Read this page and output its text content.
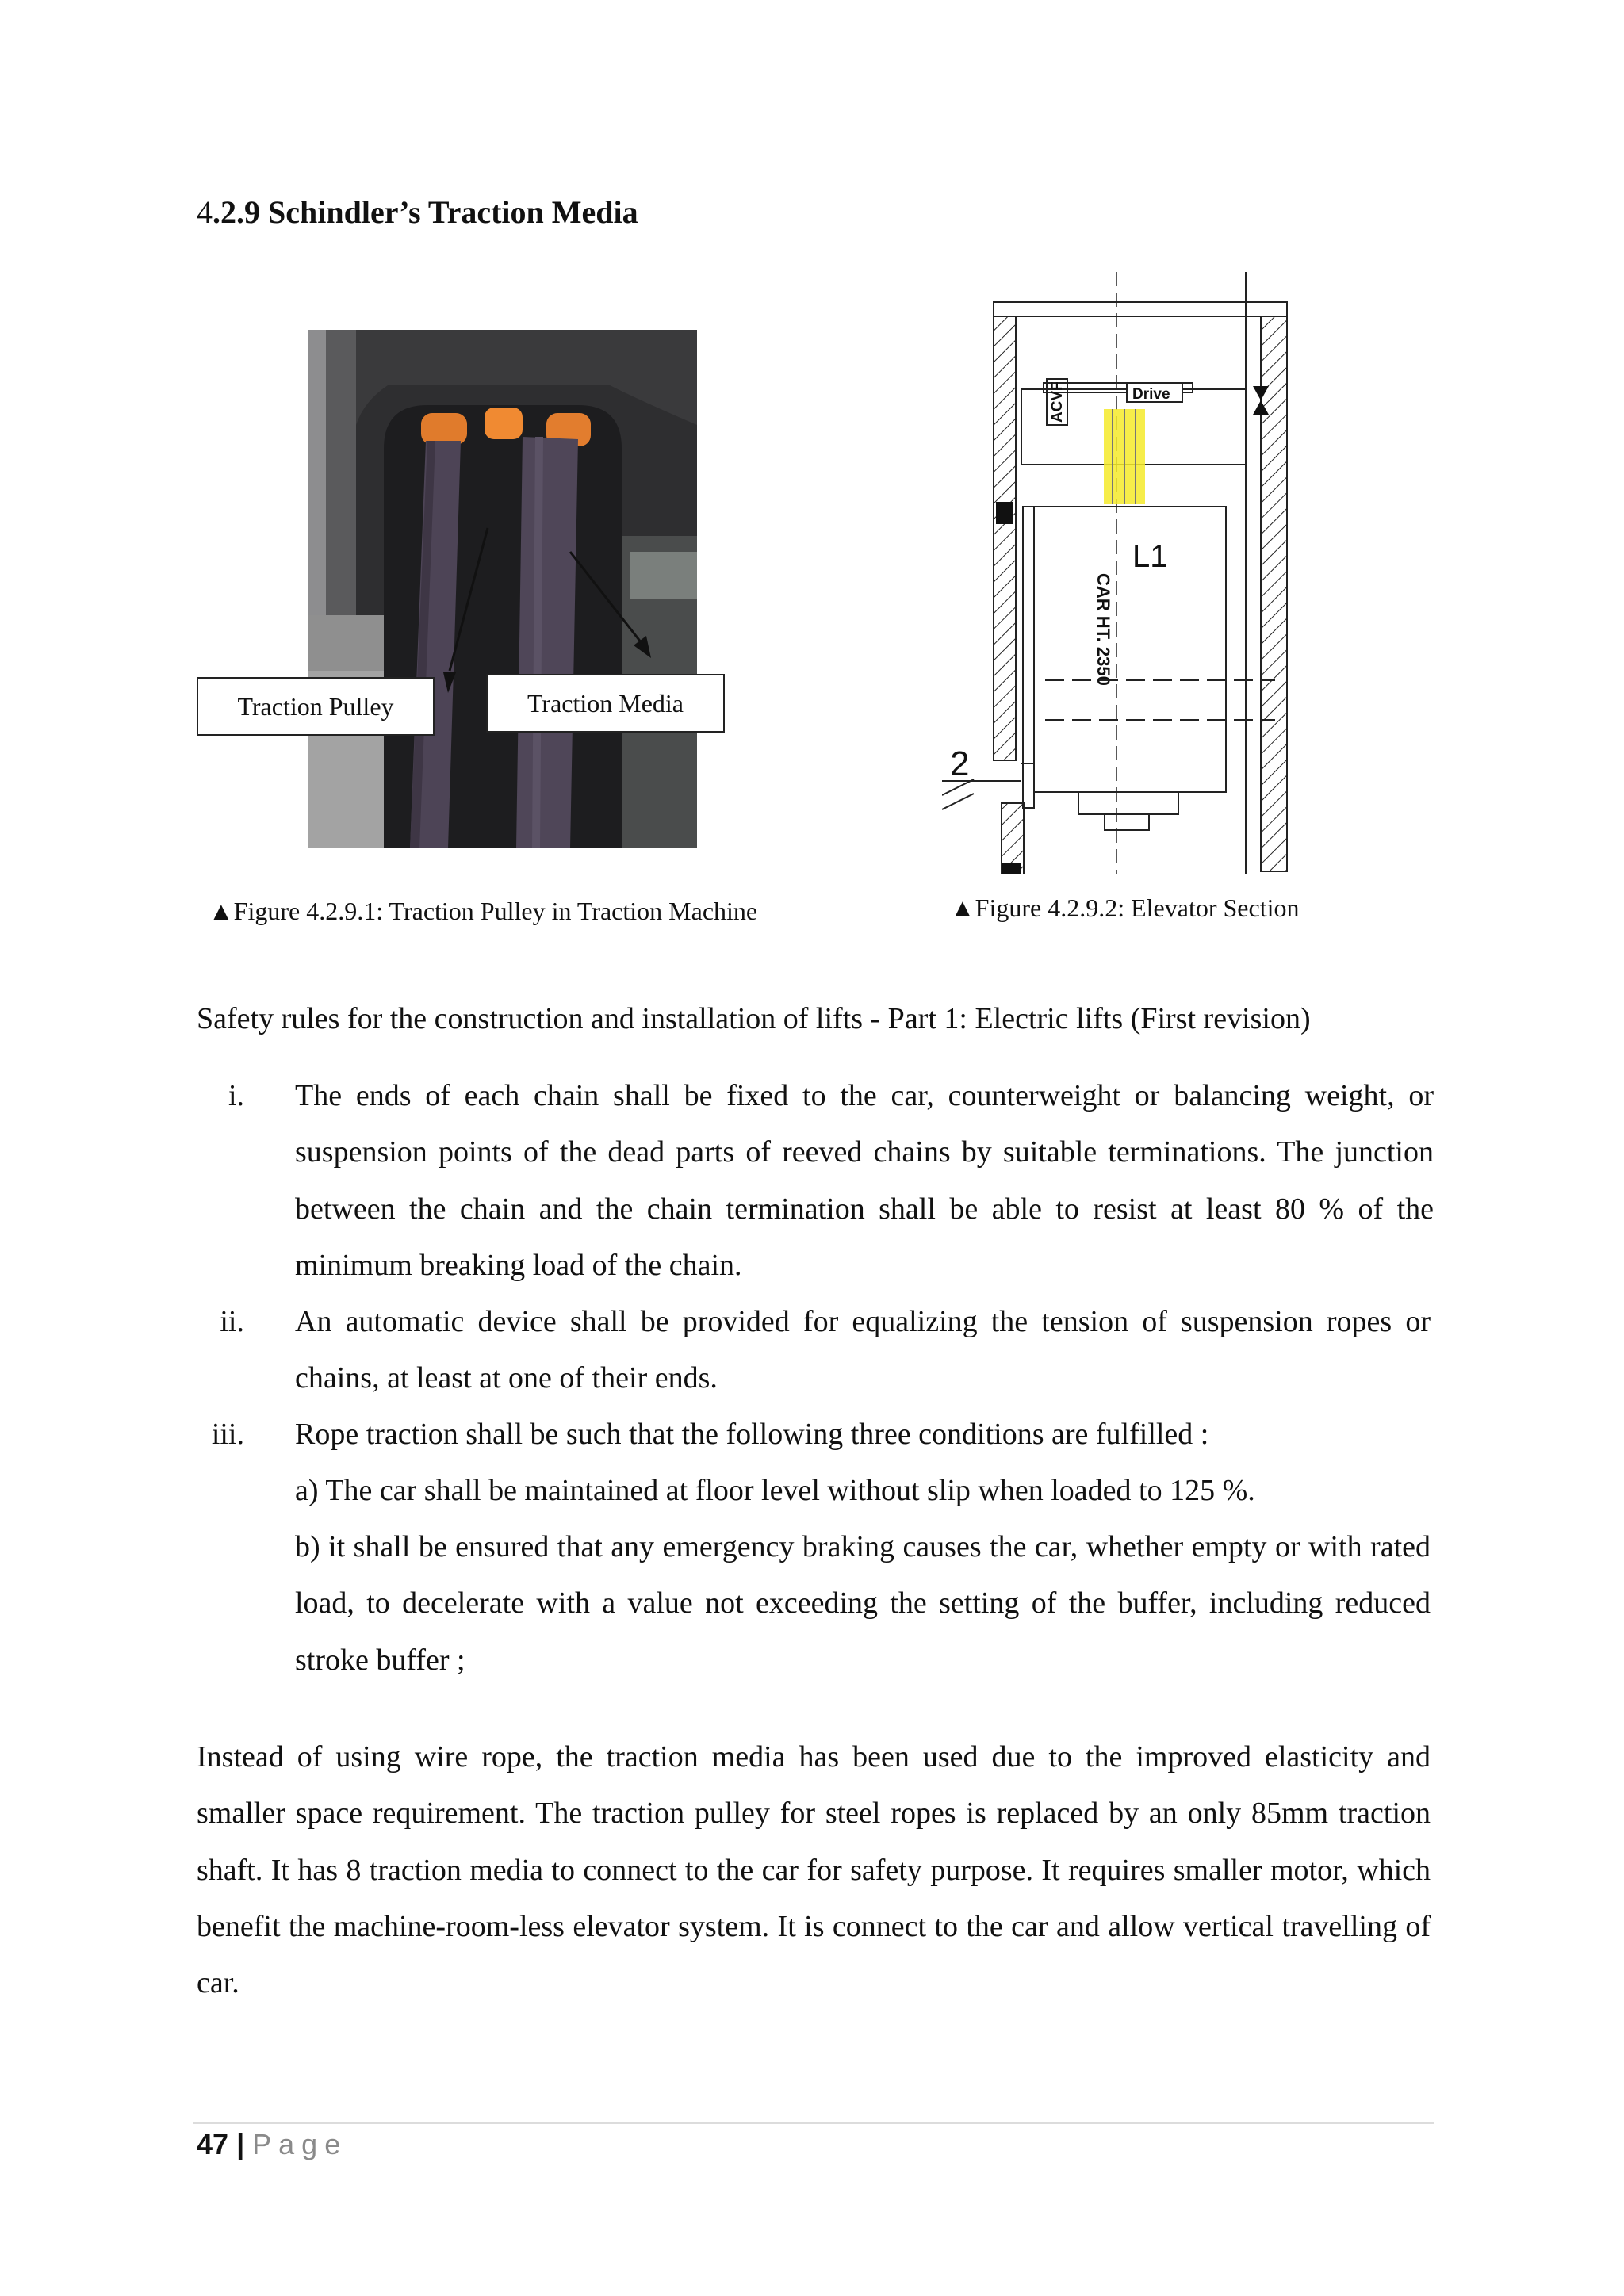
4.2.9 Schindler’s Traction Media
Traction Pulley	Traction Media
▲Figure 4.2.9.1: Traction Pulley in Traction Machine
ACVF	Drive
L1
CAR HT. 2350
2
▲Figure 4.2.9.2: Elevator Section
Safety rules for the construction and installation of lifts - Part 1: Electric lifts (First revision)
i. The ends of each chain shall be fixed to the car, counterweight or balancing weight, or suspension points of the dead parts of reeved chains by suitable terminations. The junction between the chain and the chain termination shall be able to resist at least 80 % of the minimum breaking load of the chain.
ii. An automatic device shall be provided for equalizing the tension of suspension ropes or chains, at least at one of their ends.
iii. Rope traction shall be such that the following three conditions are fulfilled :
a) The car shall be maintained at floor level without slip when loaded to 125 %.
b) it shall be ensured that any emergency braking causes the car, whether empty or with rated load, to decelerate with a value not exceeding the setting of the buffer, including reduced stroke buffer ;
Instead of using wire rope, the traction media has been used due to the improved elasticity and smaller space requirement. The traction pulley for steel ropes is replaced by an only 85mm traction shaft. It has 8 traction media to connect to the car for safety purpose. It requires smaller motor, which benefit the machine-room-less elevator system. It is connect to the car and allow vertical travelling of car.
47 | Page
